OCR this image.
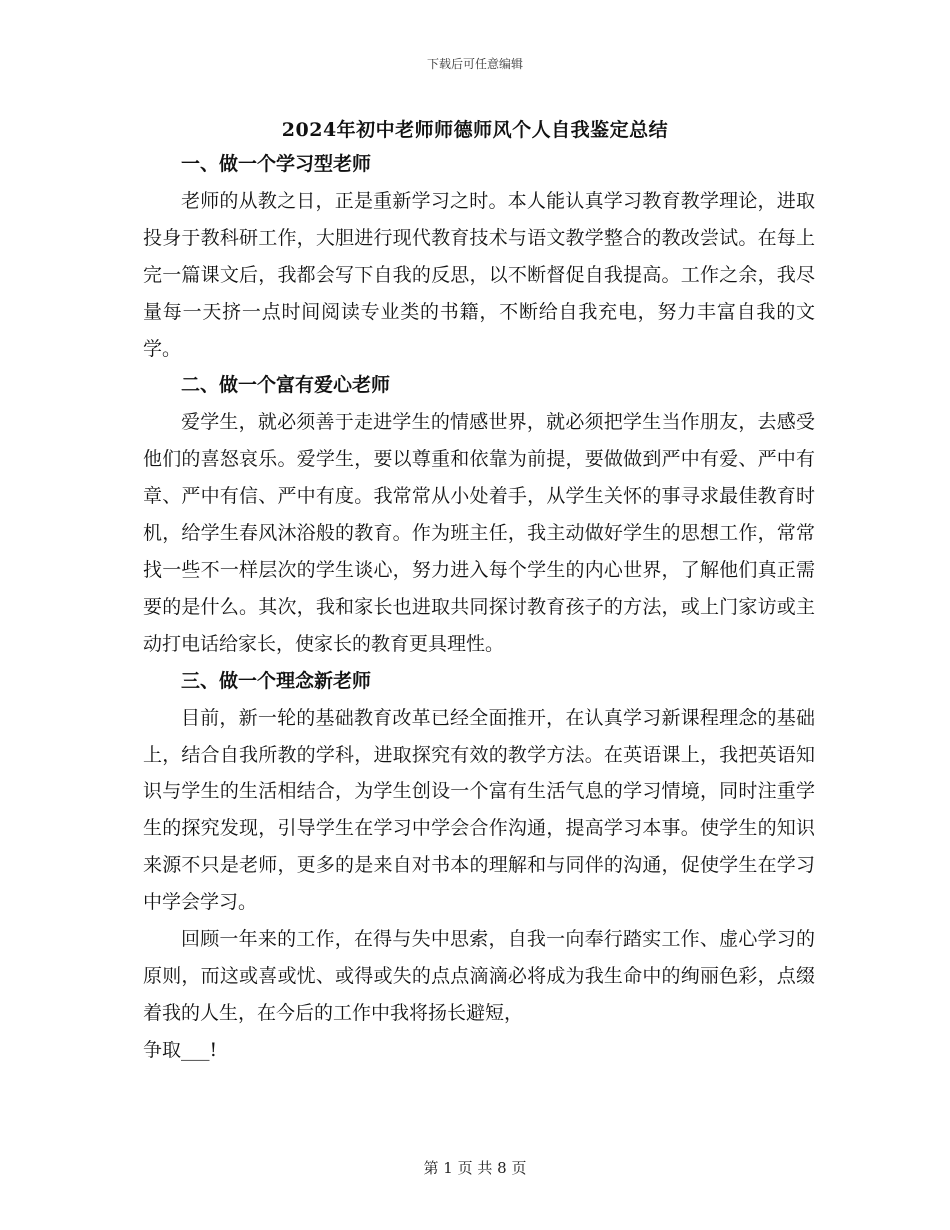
下载后可任意编辑
2024年初中老师师德师风个人自我鉴定总结
一、做一个学习型老师

老师的从教之日，正是重新学习之时。本人能认真学习教育教学理论，进取投身于教科研工作，大胆进行现代教育技术与语文教学整合的教改尝试。在每上完一篇课文后，我都会写下自我的反思，以不断督促自我提高。工作之余，我尽量每一天挤一点时间阅读专业类的书籍，不断给自我充电，努力丰富自我的文学。

二、做一个富有爱心老师

爱学生，就必须善于走进学生的情感世界，就必须把学生当作朋友，去感受他们的喜怒哀乐。爱学生，要以尊重和依靠为前提，要做做到严中有爱、严中有章、严中有信、严中有度。我常常从小处着手，从学生关怀的事寻求最佳教育时机，给学生春风沐浴般的教育。作为班主任，我主动做好学生的思想工作，常常找一些不一样层次的学生谈心，努力进入每个学生的内心世界，了解他们真正需要的是什么。其次，我和家长也进取共同探讨教育孩子的方法，或上门家访或主动打电话给家长，使家长的教育更具理性。

三、做一个理念新老师

目前，新一轮的基础教育改革已经全面推开，在认真学习新课程理念的基础上，结合自我所教的学科，进取探究有效的教学方法。在英语课上，我把英语知识与学生的生活相结合，为学生创设一个富有生活气息的学习情境，同时注重学生的探究发现，引导学生在学习中学会合作沟通，提高学习本事。使学生的知识来源不只是老师，更多的是来自对书本的理解和与同伴的沟通，促使学生在学习中学会学习。

回顾一年来的工作，在得与失中思索，自我一向奉行踏实工作、虚心学习的原则，而这或喜或忧、或得或失的点点滴滴必将成为我生命中的绚丽色彩，点缀着我的人生，在今后的工作中我将扬长避短，

争取___!

第 1 页 共 8 页
